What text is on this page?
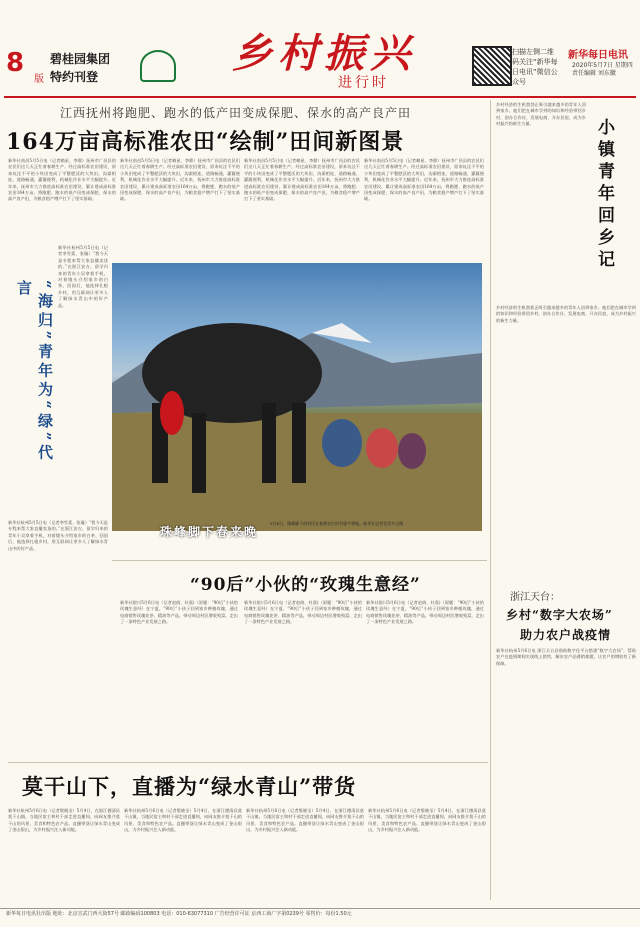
8
版
碧桂园集团
特约刊登	乡村振兴
进行时
扫描左侧二维码关注“新华每日电讯”微信公众号
新华每日电讯
2020年5月7日 星期四 责任编辑 刘东徽
江西抚州将跑肥、跑水的低产田变成保肥、保水的高产良产田
164万亩高标准农田“绘制”田间新图景
新华社南昌5月5日电（记者赖星、李鼎）抚州市广昌县的农民们这几天正忙着春耕生产。经过高标准农田建设，原来坑洼不平的小块田变成了平整肥沃的大块田，沟渠相连，道路畅通，灌溉便利，机械化作业水平大幅提升。近年来，抚州市大力推进高标准农田建设，累计建成高标准农田164万亩，将跑肥、跑水的低产田变成保肥、保水的高产良产田，为粮食稳产增产打下了坚实基础。
新华社南昌5月5日电（记者赖星、李鼎）抚州市广昌县的农民们这几天正忙着春耕生产。经过高标准农田建设，原来坑洼不平的小块田变成了平整肥沃的大块田，沟渠相连，道路畅通，灌溉便利，机械化作业水平大幅提升。近年来，抚州市大力推进高标准农田建设，累计建成高标准农田164万亩，将跑肥、跑水的低产田变成保肥、保水的高产良产田，为粮食稳产增产打下了坚实基础。
新华社南昌5月5日电（记者赖星、李鼎）抚州市广昌县的农民们这几天正忙着春耕生产。经过高标准农田建设，原来坑洼不平的小块田变成了平整肥沃的大块田，沟渠相连，道路畅通，灌溉便利，机械化作业水平大幅提升。近年来，抚州市大力推进高标准农田建设，累计建成高标准农田164万亩，将跑肥、跑水的低产田变成保肥、保水的高产良产田，为粮食稳产增产打下了坚实基础。
新华社南昌5月5日电（记者赖星、李鼎）抚州市广昌县的农民们这几天正忙着春耕生产。经过高标准农田建设，原来坑洼不平的小块田变成了平整肥沃的大块田，沟渠相连，道路畅通，灌溉便利，机械化作业水平大幅提升。近年来，抚州市大力推进高标准农田建设，累计建成高标准农田164万亩，将跑肥、跑水的低产田变成保肥、保水的高产良产田，为粮食稳产增产打下了坚实基础。
“海归”青年为“绿”代言
新华社杭州5月5日电（记者李雪柔、张璇）“我今天是专程来帮大家直播卖货的。”在浙江安吉，留学归来的青年小吴拿着手机，对着镜头介绍家乡的白茶。回国后，他选择扎根乡村，用互联网让更多人了解绿水青山中的好产品。
新华社杭州5月5日电（记者李雪柔、张璇）“我今天是专程来帮大家直播卖货的。”在浙江安吉，留学归来的青年小吴拿着手机，对着镜头介绍家乡的白茶。回国后，他选择扎根乡村，用互联网让更多人了解绿水青山中的好产品。
珠峰脚下春来晚
5月4日，珠峰脚下的村民在春耕农忙时节驱牛耕地。新华社记者晋美多吉摄
小镇青年回乡记
乡村经济的生机勃勃正吸引越来越多的青年人回到家乡。他们把在城市学到的知识和经验带回乡村，创办合作社、发展电商、开办民宿，成为乡村振兴的新生力量。
乡村经济的生机勃勃正吸引越来越多的青年人回到家乡。他们把在城市学到的知识和经验带回乡村，创办合作社、发展电商、开办民宿，成为乡村振兴的新生力量。
浙江天台：
乡村“数字大农场”
助力农户战疫情
新华社杭州5月6日电 浙江天台县借助数字化平台搭建“数字大农场”，帮助农户在疫情期间实现线上销售，解决农产品滞销难题，让农户的增收有了新保障。
“90后”小伙的“玫瑰生意经”
新华社银川5月6日电（记者赵倩、杜嘉)（原题：“90后”小伙的玫瑰生意经）在宁夏，“90后”小伙子回到家乡种植玫瑰，通过电商销售玫瑰花茶、精油等产品，带动周边村民增收致富，走出了一条特色产业发展之路。
新华社银川5月6日电（记者赵倩、杜嘉)（原题：“90后”小伙的玫瑰生意经）在宁夏，“90后”小伙子回到家乡种植玫瑰，通过电商销售玫瑰花茶、精油等产品，带动周边村民增收致富，走出了一条特色产业发展之路。
新华社银川5月6日电（记者赵倩、杜嘉)（原题：“90后”小伙的玫瑰生意经）在宁夏，“90后”小伙子回到家乡种植玫瑰，通过电商销售玫瑰花茶、精油等产品，带动周边村民增收致富，走出了一条特色产业发展之路。
莫干山下，直播为“绿水青山”带货
新华社杭州5月6日电（记者殷晓圣）5月4日，在浙江德清县莫干山镇，当地民宿主和村干部走进直播间，向网友推介莫干山的风景、美食和特色农产品。直播带货让绿水青山变成了金山银山，为乡村振兴注入新动能。
新华社杭州5月6日电（记者殷晓圣）5月4日，在浙江德清县莫干山镇，当地民宿主和村干部走进直播间，向网友推介莫干山的风景、美食和特色农产品。直播带货让绿水青山变成了金山银山，为乡村振兴注入新动能。
新华社杭州5月6日电（记者殷晓圣）5月4日，在浙江德清县莫干山镇，当地民宿主和村干部走进直播间，向网友推介莫干山的风景、美食和特色农产品。直播带货让绿水青山变成了金山银山，为乡村振兴注入新动能。
新华社杭州5月6日电（记者殷晓圣）5月4日，在浙江德清县莫干山镇，当地民宿主和村干部走进直播间，向网友推介莫干山的风景、美食和特色农产品。直播带货让绿水青山变成了金山银山，为乡村振兴注入新动能。
新华每日电讯社出版 地址：北京宣武门西大街57号 邮政编码100803 电话：010-63077310 广告经营许可证 京西工商广字第0239号 零售价：每份1.50元
